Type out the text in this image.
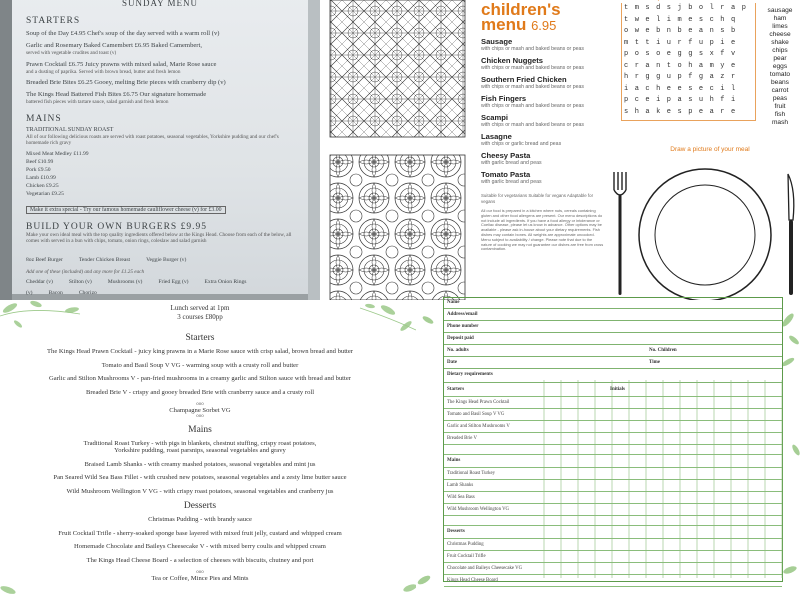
SUNDAY MENU
STARTERS
Soup of the Day £4.95 Chef's soup of the day served with a warm roll (v)
Garlic and Rosemary Baked Camembert £6.95 Baked Camembert,
served with vegetable crudites and toast (v)
Prawn Cocktail £6.75 Juicy prawns with mixed salad, Marie Rose sauce
and a dusting of paprika. Served with brown bread, butter and fresh lemon
Breaded Brie Bites £6.25 Gooey, melting Brie pieces with cranberry dip (v)
The Kings Head Battered Fish Bites £6.75 Our signature homemade
battered fish pieces with tartare sauce, salad garnish and fresh lemon
MAINS
TRADITIONAL SUNDAY ROAST
All of our following delicious roasts are served with roast potatoes, seasonal vegetables, Yorkshire pudding and our chef's homemade rich gravy
Mixed Meat Medley £11.99
Beef £10.99
Pork £9.50
Lamb £10.99
Chicken £9.25
Vegetarian £9.25
Make it extra special - Try our famous homemade cauliflower cheese (v) for £3.00
BUILD YOUR OWN BURGERS £9.95
Make your own ideal meal with the top quality ingredients offered below at the Kings Head. Choose from each of the below, all comes with served in a bun with chips, tomato, onion rings, coleslaw and salad garnish
8oz Beef Burger	Tender Chicken Breast	Veggie Burger (v)
Add one of these (included) and any more for £1.25 each
Cheddar (v)	Stilton (v)	Mushrooms (v)	Fried Egg (v)	Extra Onion Rings (v)	Bacon	Chorizo
children's
menu 6.95
Sausage
with chips or mash and baked beans or peas
Chicken Nuggets
with chips or mash and baked beans or peas
Southern Fried Chicken
with chips or mash and baked beans or peas
Fish Fingers
with chips or mash and baked beans or peas
Scampi
with chips or mash and baked beans or peas
Lasagne
with chips or garlic bread and peas
Cheesy Pasta
with garlic bread and peas
Tomato Pasta
with garlic bread and peas
Suitable for vegetarians Suitable for vegans Adaptable for vegans
All our food is prepared in a kitchen where nuts, cereals containing gluten and other food allergens are present. Our menu descriptions do not include all ingredients. If you have a food allergy or intolerance or Coeliac disease, please let us know in advance. Other options may be available - please ask in-house about your dietary requirements. Fish dishes may contain bones. All weights are approximate uncooked. Menu subject to availability / change. Please note that due to the nature of cooking we may not guarantee our dishes are free from cross contamination.
tmsdsjbolrap
twelimeschq
owebnbeansb
mttiurfupie
posoeggsxfv
crantohamye
hrggupfgazr
iacheesecil
pceipasuhfi
shakespeare
sausage
ham
limes
cheese
shake
chips
pear
eggs
tomato
beans
carrot
peas
fruit
fish
mash
Draw a picture of your meal
Lunch served at 1pm
3 courses £80pp
Starters
The Kings Head Prawn Cocktail - juicy king prawns in a Marie Rose sauce with crisp salad, brown bread and butter
Tomato and Basil Soup V VG - warming soup with a crusty roll and butter
Garlic and Stilton Mushrooms V - pan-fried mushrooms in a creamy garlic and Stilton sauce with bread and butter
Breaded Brie V - crispy and gooey breaded Brie with cranberry sauce and a crusty roll
ooo
Champagne Sorbet VG
ooo
Mains
Traditional Roast Turkey - with pigs in blankets, chestnut stuffing, crispy roast potatoes,
Yorkshire pudding, roast parsnips, seasonal vegetables and gravy
Braised Lamb Shanks - with creamy mashed potatoes, seasonal vegetables and mint jus
Pan Seared Wild Sea Bass Fillet - with crushed new potatoes, seasonal vegetables and a zesty lime butter sauce
Wild Mushroom Wellington V VG - with crispy roast potatoes, seasonal vegetables and cranberry jus
Desserts
Christmas Pudding - with brandy sauce
Fruit Cocktail Trifle - sherry-soaked sponge base layered with mixed fruit jelly, custard and whipped cream
Homemade Chocolate and Baileys Cheesecake V - with mixed berry coulis and whipped cream
The Kings Head Cheese Board - a selection of cheeses with biscuits, chutney and port
ooo
Tea or Coffee, Mince Pies and Mints
Name
Address/email
Phone number
Deposit paid
No. adults	No. Children
Date	Time
Dietary requirements
Starters	Initials
The Kings Head Prawn Cocktail
Tomato and Basil Soup V VG
Garlic and Stilton Mushrooms V
Breaded Brie V
Mains
Traditional Roast Turkey
Lamb Shanks
Wild Sea Bass
Wild Mushroom Wellington VG
Desserts
Christmas Pudding
Fruit Cocktail Trifle
Chocolate and Baileys Cheesecake VG
Kings Head Cheese Board
